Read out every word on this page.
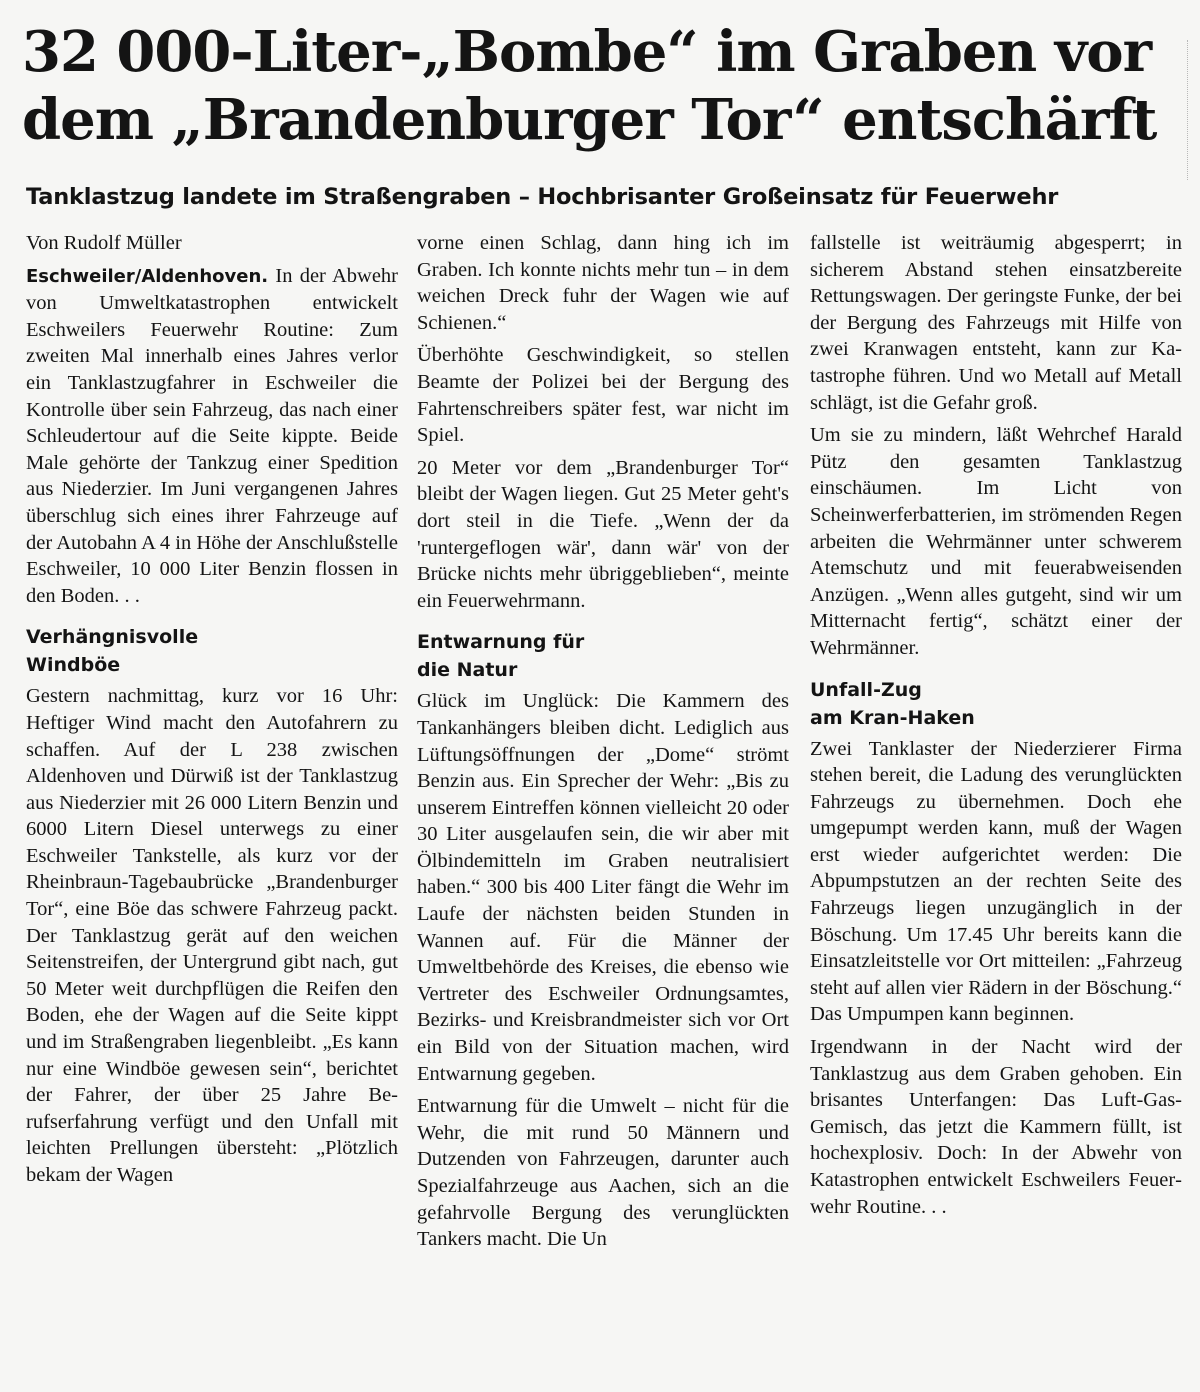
32 000-Liter-„Bombe“ im Graben vor
dem „Brandenburger Tor“ entschärft
Tanklastzug landete im Straßengraben – Hochbrisanter Großeinsatz für Feuerwehr

Von Rudolf Müller

Eschweiler/Aldenhoven. In der Abwehr von Umweltkatastrophen entwickelt Eschweilers Feuerwehr Routine: Zum zweiten Mal innerhalb eines Jahres verlor ein Tanklastzugfahrer in Eschweiler die Kontrolle über sein Fahrzeug, das nach einer Schleudertour auf die Seite kippte. Beide Male gehörte der Tankzug einer Spedition aus Niederzier. Im Juni vergangenen Jahres überschlug sich eines ihrer Fahrzeuge auf der Autobahn A 4 in Höhe der Anschlußstelle Eschweiler, 10 000 Liter Benzin flossen in den Boden. . .

Verhängnisvolle
Windböe

Gestern nachmittag, kurz vor 16 Uhr: Heftiger Wind macht den Autofahrern zu schaffen. Auf der L 238 zwischen Aldenhoven und Dürwiß ist der Tanklastzug aus Niederzier mit 26 000 Litern Benzin und 6000 Litern Diesel unterwegs zu einer Eschweiler Tankstelle, als kurz vor der Rheinbraun-Tagebaubrücke „Brandenburger Tor“, eine Böe das schwere Fahrzeug packt. Der Tanklastzug gerät auf den weichen Seitenstreifen, der Untergrund gibt nach, gut 50 Meter weit durchpflügen die Reifen den Boden, ehe der Wagen auf die Seite kippt und im Straßengraben liegenbleibt. „Es kann nur eine Windböe gewesen sein“, berichtet der Fahrer, der über 25 Jahre Berufserfahrung verfügt und den Unfall mit leichten Prellungen übersteht: „Plötzlich bekam der Wagen

vorne einen Schlag, dann hing ich im Graben. Ich konnte nichts mehr tun – in dem weichen Dreck fuhr der Wagen wie auf Schienen.“

Überhöhte Geschwindigkeit, so stellen Beamte der Polizei bei der Bergung des Fahrtenschreibers später fest, war nicht im Spiel.

20 Meter vor dem „Brandenburger Tor“ bleibt der Wagen liegen. Gut 25 Meter geht's dort steil in die Tiefe. „Wenn der da 'runtergeflogen wär', dann wär' von der Brücke nichts mehr übriggeblieben“, meinte ein Feuerwehrmann.

Entwarnung für
die Natur

Glück im Unglück: Die Kammern des Tankanhängers bleiben dicht. Lediglich aus Lüftungsöffnungen der „Dome“ strömt Benzin aus. Ein Sprecher der Wehr: „Bis zu unserem Eintreffen können vielleicht 20 oder 30 Liter ausgelaufen sein, die wir aber mit Ölbindemitteln im Graben neutralisiert haben.“ 300 bis 400 Liter fängt die Wehr im Laufe der nächsten beiden Stunden in Wannen auf. Für die Männer der Umweltbehörde des Kreises, die ebenso wie Vertreter des Eschweiler Ordnungsamtes, Bezirks- und Kreisbrandmeister sich vor Ort ein Bild von der Situation machen, wird Entwarnung gegeben.

Entwarnung für die Umwelt – nicht für die Wehr, die mit rund 50 Männern und Dutzenden von Fahrzeugen, darunter auch Spezialfahrzeuge aus Aachen, sich an die gefahrvolle Bergung des verunglückten Tankers macht. Die Un

fallstelle ist weiträumig abgesperrt; in sicherem Abstand stehen einsatzbereite Rettungswagen. Der geringste Funke, der bei der Bergung des Fahrzeugs mit Hilfe von zwei Kranwagen entsteht, kann zur Katastrophe führen. Und wo Metall auf Metall schlägt, ist die Gefahr groß.

Um sie zu mindern, läßt Wehrchef Harald Pütz den gesamten Tanklastzug einschäumen. Im Licht von Scheinwerferbatterien, im strömenden Regen arbeiten die Wehrmänner unter schwerem Atemschutz und mit feuerabweisenden Anzügen. „Wenn alles gutgeht, sind wir um Mitternacht fertig“, schätzt einer der Wehrmänner.

Unfall-Zug
am Kran-Haken

Zwei Tanklaster der Niederzierer Firma stehen bereit, die Ladung des verunglückten Fahrzeugs zu übernehmen. Doch ehe umgepumpt werden kann, muß der Wagen erst wieder aufgerichtet werden: Die Abpumpstutzen an der rechten Seite des Fahrzeugs liegen unzugänglich in der Böschung. Um 17.45 Uhr bereits kann die Einsatzleitstelle vor Ort mitteilen: „Fahrzeug steht auf allen vier Rädern in der Böschung.“ Das Umpumpen kann beginnen.

Irgendwann in der Nacht wird der Tanklastzug aus dem Graben gehoben. Ein brisantes Unterfangen: Das Luft-Gas-Gemisch, das jetzt die Kammern füllt, ist hochexplosiv. Doch: In der Abwehr von Katastrophen entwickelt Eschweilers Feuerwehr Routine. . .
